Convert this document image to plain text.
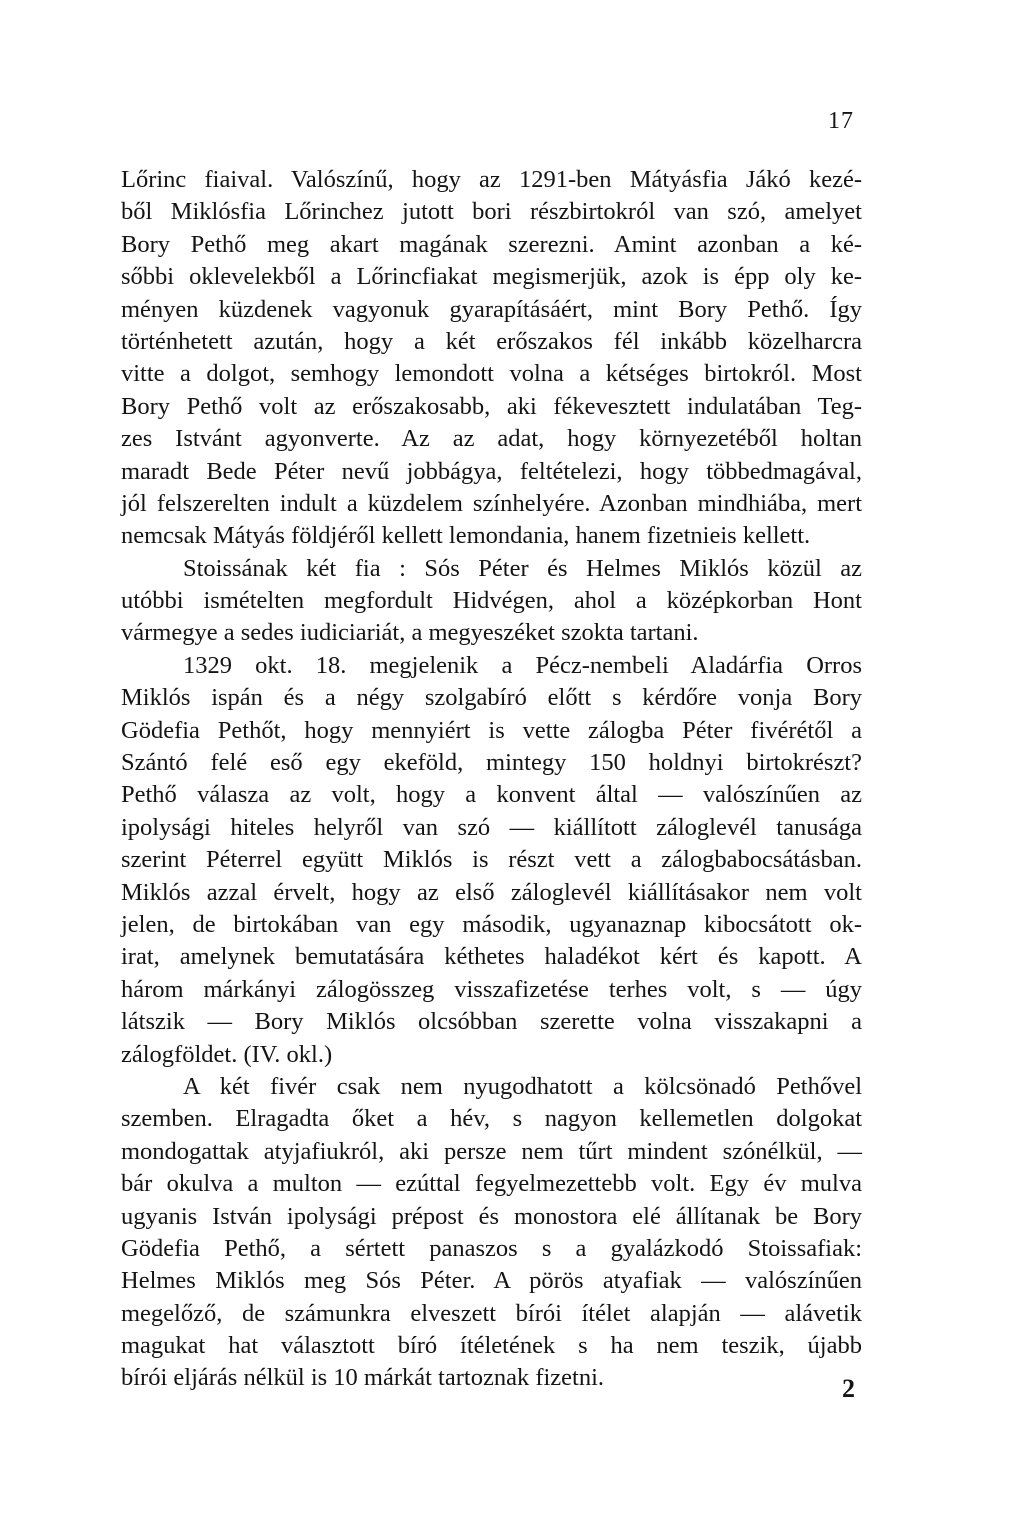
17
Lőrinc fiaival. Valószínű, hogy az 1291-ben Mátyásfia Jákó kezé-
ből Miklósfia Lőrinchez jutott bori részbirtokról van szó, amelyet
Bory Pethő meg akart magának szerezni. Amint azonban a ké-
sőbbi oklevelekből a Lőrincfiakat megismerjük, azok is épp oly ke-
ményen küzdenek vagyonuk gyarapításáért, mint Bory Pethő. Így
történhetett azután, hogy a két erőszakos fél inkább közelharcra
vitte a dolgot, semhogy lemondott volna a kétséges birtokról. Most
Bory Pethő volt az erőszakosabb, aki fékevesztett indulatában Teg-
zes Istvánt agyonverte. Az az adat, hogy környezetéből holtan
maradt Bede Péter nevű jobbágya, feltételezi, hogy többedmagával,
jól felszerelten indult a küzdelem színhelyére. Azonban mindhiába, mert
nemcsak Mátyás földjéről kellett lemondania, hanem fizetnieis kellett.
Stoissának két fia : Sós Péter és Helmes Miklós közül az
utóbbi ismételten megfordult Hidvégen, ahol a középkorban Hont
vármegye a sedes iudiciariát, a megyeszéket szokta tartani.
1329 okt. 18. megjelenik a Pécz-nembeli Aladárfia Orros
Miklós ispán és a négy szolgabíró előtt s kérdőre vonja Bory
Gödefia Pethőt, hogy mennyiért is vette zálogba Péter fivérétől a
Szántó felé eső egy ekeföld, mintegy 150 holdnyi birtokrészt?
Pethő válasza az volt, hogy a konvent által — valószínűen az
ipolysági hiteles helyről van szó — kiállított záloglevél tanusága
szerint Péterrel együtt Miklós is részt vett a zálogbabocsátásban.
Miklós azzal érvelt, hogy az első záloglevél kiállításakor nem volt
jelen, de birtokában van egy második, ugyanaznap kibocsátott ok-
irat, amelynek bemutatására kéthetes haladékot kért és kapott. A
három márkányi zálogösszeg visszafizetése terhes volt, s — úgy
látszik — Bory Miklós olcsóbban szerette volna visszakapni a
zálogföldet. (IV. okl.)
A két fivér csak nem nyugodhatott a kölcsönadó Pethővel
szemben. Elragadta őket a hév, s nagyon kellemetlen dolgokat
mondogattak atyjafiukról, aki persze nem tűrt mindent szónélkül, —
bár okulva a multon — ezúttal fegyelmezettebb volt. Egy év mulva
ugyanis István ipolysági prépost és monostora elé állítanak be Bory
Gödefia Pethő, a sértett panaszos s a gyalázkodó Stoissafiak:
Helmes Miklós meg Sós Péter. A pörös atyafiak — valószínűen
megelőző, de számunkra elveszett bírói ítélet alapján — alávetik
magukat hat választott bíró ítéletének s ha nem teszik, újabb
bírói eljárás nélkül is 10 márkát tartoznak fizetni.	2
